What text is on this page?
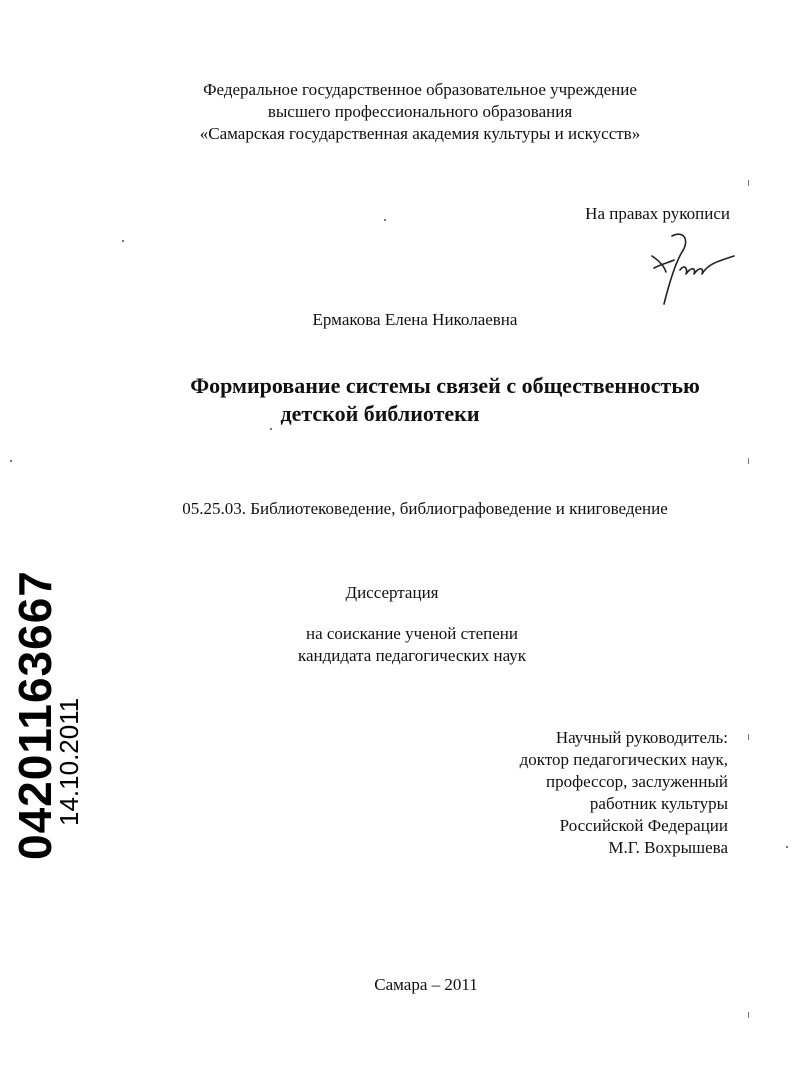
Федеральное государственное образовательное учреждение
высшего профессионального образования
«Самарская государственная академия культуры и искусств»
На правах рукописи
Ермакова Елена Николаевна
Формирование системы связей с общественностью
детской библиотеки
05.25.03. Библиотековедение, библиографоведение и книговедение
Диссертация
на соискание ученой степени
кандидата педагогических наук
Научный руководитель:
доктор педагогических наук,
профессор, заслуженный
работник культуры
Российской Федерации
М.Г. Вохрышева
Самара – 2011
04201163667
14.10.2011
